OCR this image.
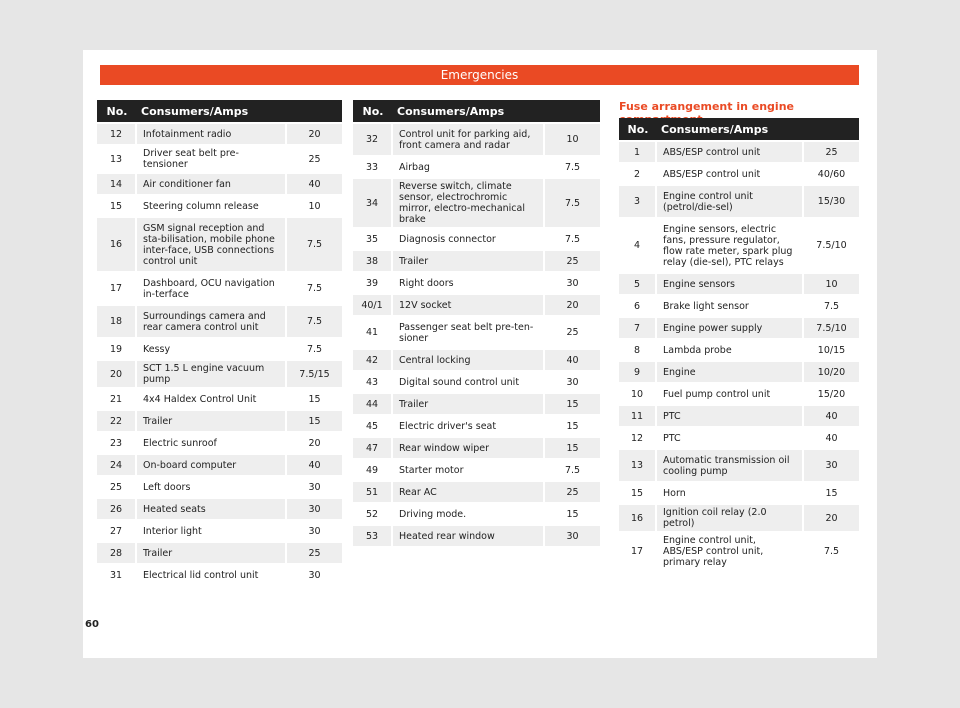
Emergencies
No.	Consumers/Amps	
12	Infotainment radio	20
13	Driver seat belt pre-tensioner	25
14	Air conditioner fan	40
15	Steering column release	10
16	GSM signal reception and sta-bilisation, mobile phone inter-face, USB connections control unit	7.5
17	Dashboard, OCU navigation in-terface	7.5
18	Surroundings camera and rear camera control unit	7.5
19	Kessy	7.5
20	SCT 1.5 L engine vacuum pump	7.5/15
21	4x4 Haldex Control Unit	15
22	Trailer	15
23	Electric sunroof	20
24	On-board computer	40
25	Left doors	30
26	Heated seats	30
27	Interior light	30
28	Trailer	25
31	Electrical lid control unit	30
No.	Consumers/Amps	
32	Control unit for parking aid, front camera and radar	10
33	Airbag	7.5
34	Reverse switch, climate sensor, electrochromic mirror, electro-mechanical brake	7.5
35	Diagnosis connector	7.5
38	Trailer	25
39	Right doors	30
40/1	12V socket	20
41	Passenger seat belt pre-ten-sioner	25
42	Central locking	40
43	Digital sound control unit	30
44	Trailer	15
45	Electric driver's seat	15
47	Rear window wiper	15
49	Starter motor	7.5
51	Rear AC	25
52	Driving mode.	15
53	Heated rear window	30
Fuse arrangement in engine
No.	Consumers/Amps	
1	ABS/ESP control unit	25
2	ABS/ESP control unit	40/60
3	Engine control unit (petrol/die-sel)	15/30
4	Engine sensors, electric fans, pressure regulator, flow rate meter, spark plug relay (die-sel), PTC relays	7.5/10
5	Engine sensors	10
6	Brake light sensor	7.5
7	Engine power supply	7.5/10
8	Lambda probe	10/15
9	Engine	10/20
10	Fuel pump control unit	15/20
11	PTC	40
12	PTC	40
13	Automatic transmission oil cooling pump	30
15	Horn	15
16	Ignition coil relay (2.0 petrol)	20
17	Engine control unit, ABS/ESP control unit, primary relay	7.5
60
